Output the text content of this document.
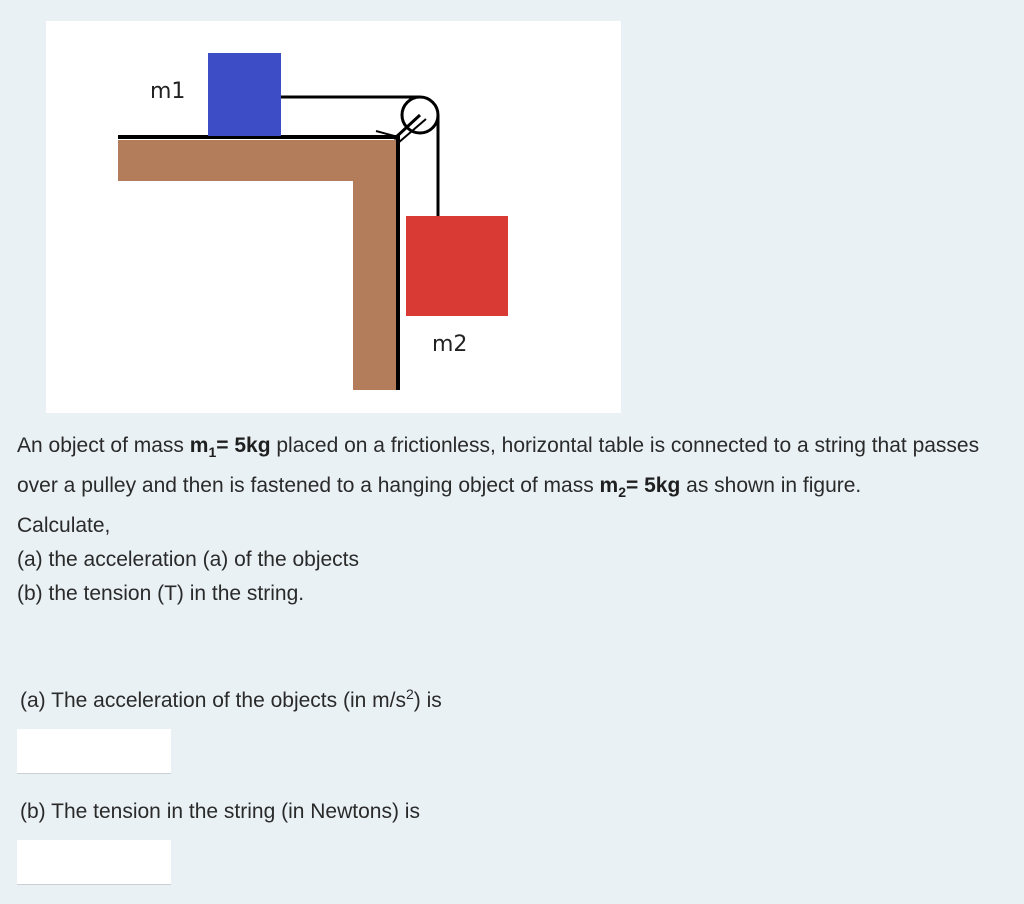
m1
m2

An object of mass $m_1= 5kg$ placed on a frictionless, horizontal table is connected to a string that passes over a pulley and then is fastened to a hanging object of mass $m_2= 5kg$ as shown in figure.

Calculate,

(a) the acceleration (a) of the objects

(b) the tension (T) in the string.

(a) The acceleration of the objects (in $m/s^2$) is
(b) The tension in the string (in Newtons) is
